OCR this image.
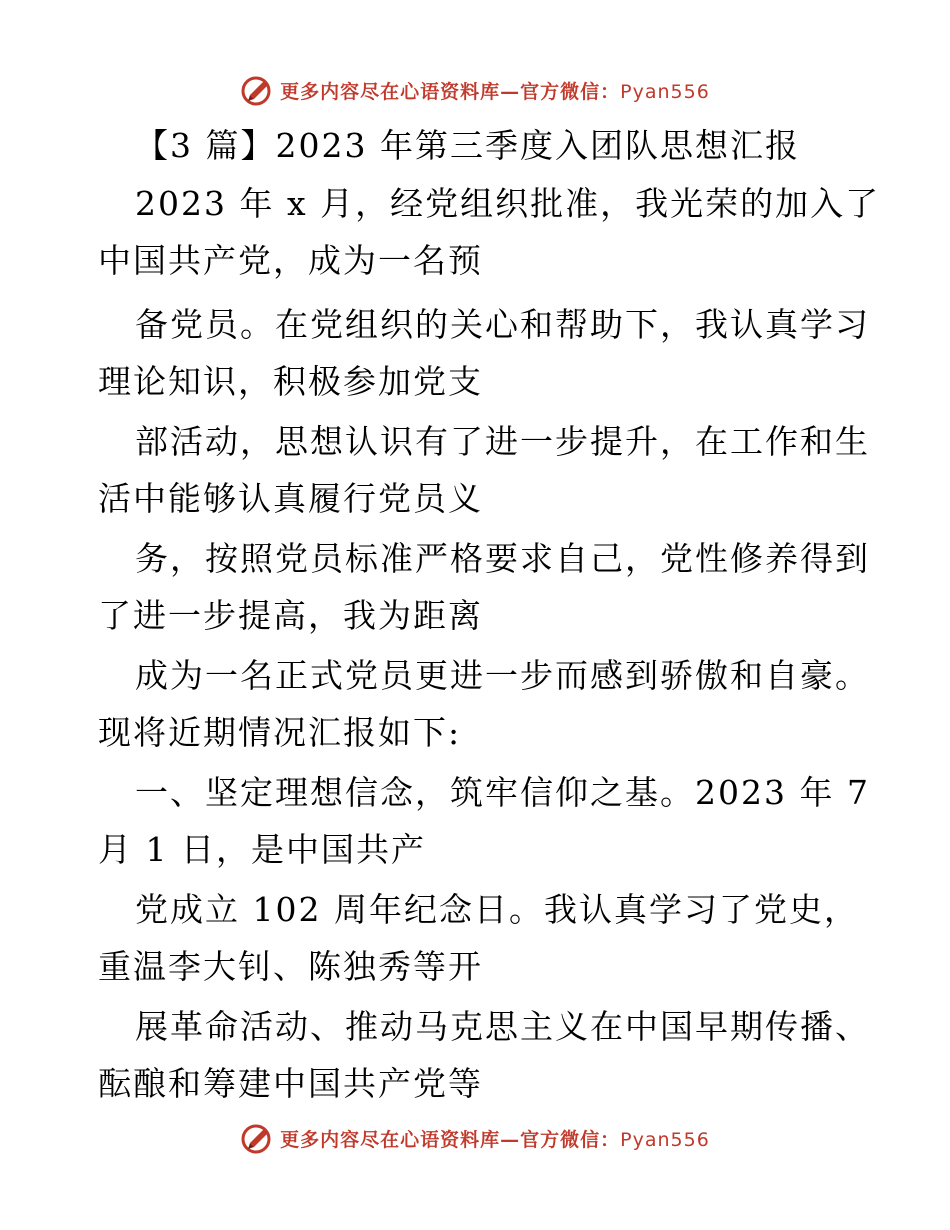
更多内容尽在心语资料库—官方微信：Pyan556
【3 篇】2023 年第三季度入团队思想汇报
2023 年 x 月，经党组织批准，我光荣的加入了
中国共产党，成为一名预
备党员。在党组织的关心和帮助下，我认真学习
理论知识，积极参加党支
部活动，思想认识有了进一步提升，在工作和生
活中能够认真履行党员义
务，按照党员标准严格要求自己，党性修养得到
了进一步提高，我为距离
成为一名正式党员更进一步而感到骄傲和自豪。
现将近期情况汇报如下:
一、坚定理想信念，筑牢信仰之基。2023 年 7
月 1 日，是中国共产
党成立 102 周年纪念日。我认真学习了党史，
重温李大钊、陈独秀等开
展革命活动、推动马克思主义在中国早期传播、
酝酿和筹建中国共产党等
更多内容尽在心语资料库—官方微信：Pyan556
